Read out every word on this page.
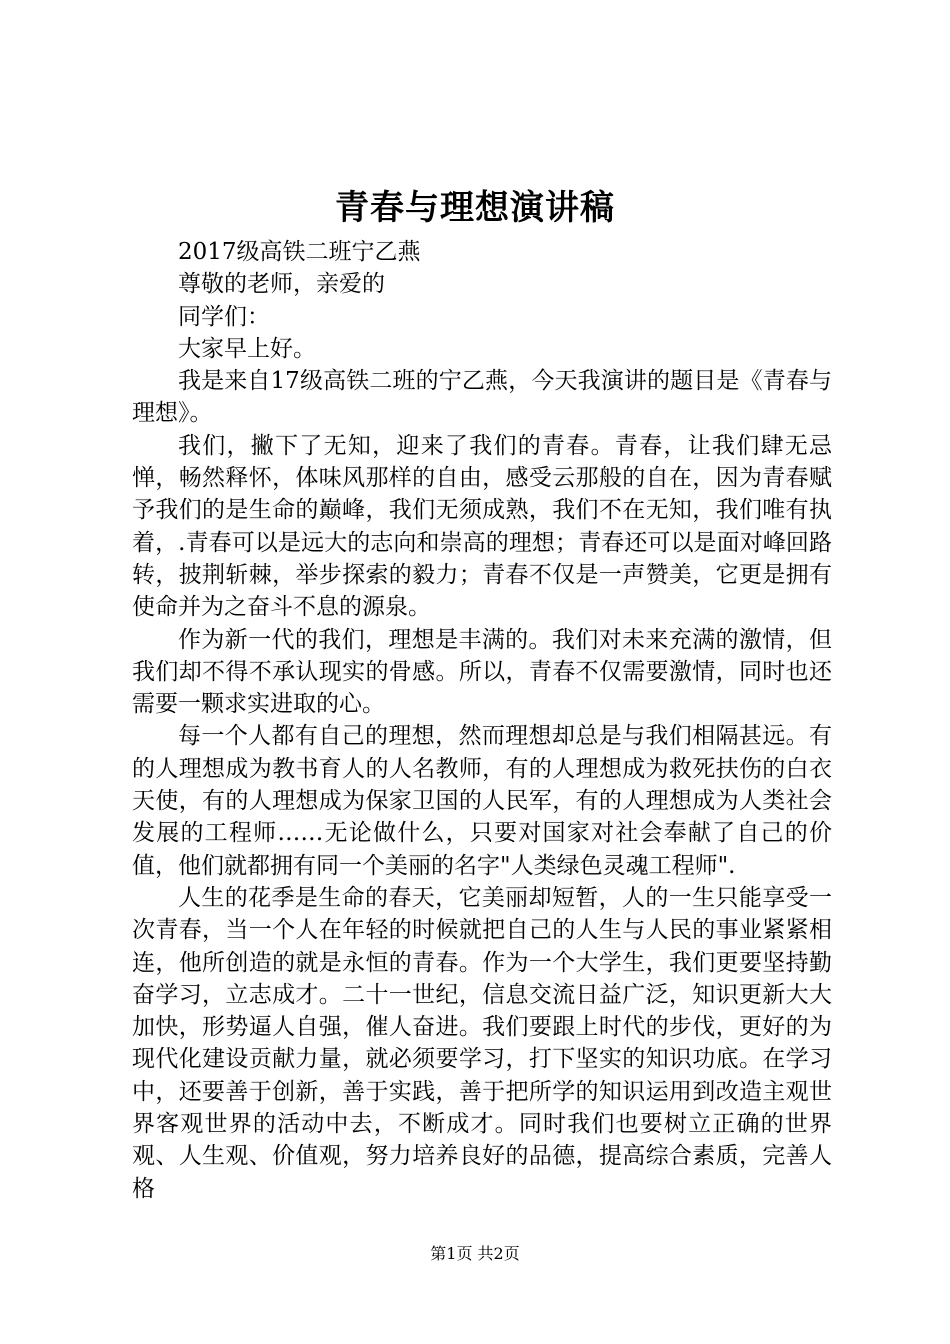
青春与理想演讲稿

2017级高铁二班宁乙燕

尊敬的老师，亲爱的

同学们：

大家早上好。

我是来自17级高铁二班的宁乙燕，今天我演讲的题目是《青春与理想》。

我们，撇下了无知，迎来了我们的青春。青春，让我们肆无忌惮，畅然释怀，体味风那样的自由，感受云那般的自在，因为青春赋予我们的是生命的巅峰，我们无须成熟，我们不在无知，我们唯有执着，.青春可以是远大的志向和崇高的理想；青春还可以是面对峰回路转，披荆斩棘，举步探索的毅力；青春不仅是一声赞美，它更是拥有使命并为之奋斗不息的源泉。

作为新一代的我们，理想是丰满的。我们对未来充满的激情，但我们却不得不承认现实的骨感。所以，青春不仅需要激情，同时也还需要一颗求实进取的心。

每一个人都有自己的理想，然而理想却总是与我们相隔甚远。有的人理想成为教书育人的人名教师，有的人理想成为救死扶伤的白衣天使，有的人理想成为保家卫国的人民军，有的人理想成为人类社会发展的工程师……无论做什么，只要对国家对社会奉献了自己的价值，他们就都拥有同一个美丽的名字"人类绿色灵魂工程师".

人生的花季是生命的春天，它美丽却短暂，人的一生只能享受一次青春，当一个人在年轻的时候就把自己的人生与人民的事业紧紧相连，他所创造的就是永恒的青春。作为一个大学生，我们更要坚持勤奋学习，立志成才。二十一世纪，信息交流日益广泛，知识更新大大加快，形势逼人自强，催人奋进。我们要跟上时代的步伐，更好的为现代化建设贡献力量，就必须要学习，打下坚实的知识功底。在学习中，还要善于创新，善于实践，善于把所学的知识运用到改造主观世界客观世界的活动中去，不断成才。同时我们也要树立正确的世界观、人生观、价值观，努力培养良好的品德，提高综合素质，完善人格

第1页 共2页
